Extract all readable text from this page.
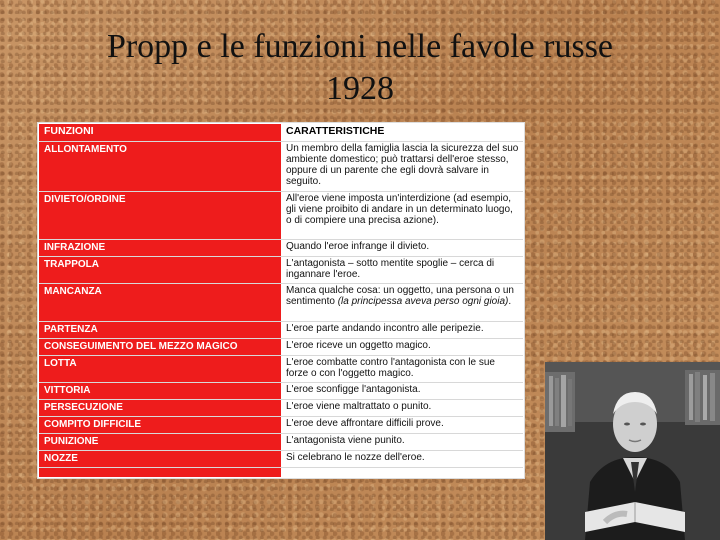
Propp e le funzioni nelle favole russe
1928
FUNZIONI	CARATTERISTICHE
ALLONTAMENTO	Un membro della famiglia lascia la sicurezza del suo ambiente domestico; può trattarsi dell'eroe stesso, oppure di un parente che egli dovrà salvare in seguito.
DIVIETO/ORDINE	All'eroe viene imposta un'interdizione (ad esempio, gli viene proibito di andare in un determinato luogo, o di compiere una precisa azione).
INFRAZIONE	Quando l'eroe infrange il divieto.
TRAPPOLA	L'antagonista – sotto mentite spoglie – cerca di ingannare l'eroe.
MANCANZA	Manca qualche cosa: un oggetto, una persona o un sentimento (la principessa aveva perso ogni gioia).
PARTENZA	L'eroe parte andando incontro alle peripezie.
CONSEGUIMENTO DEL MEZZO MAGICO	L'eroe riceve un oggetto magico.
LOTTA	L'eroe combatte contro l'antagonista con le sue forze o con l'oggetto magico.
VITTORIA	L'eroe sconfigge l'antagonista.
PERSECUZIONE	L'eroe viene maltrattato o punito.
COMPITO DIFFICILE	L'eroe deve affrontare difficili prove.
PUNIZIONE	L'antagonista viene punito.
NOZZE	Si celebrano le nozze dell'eroe.
